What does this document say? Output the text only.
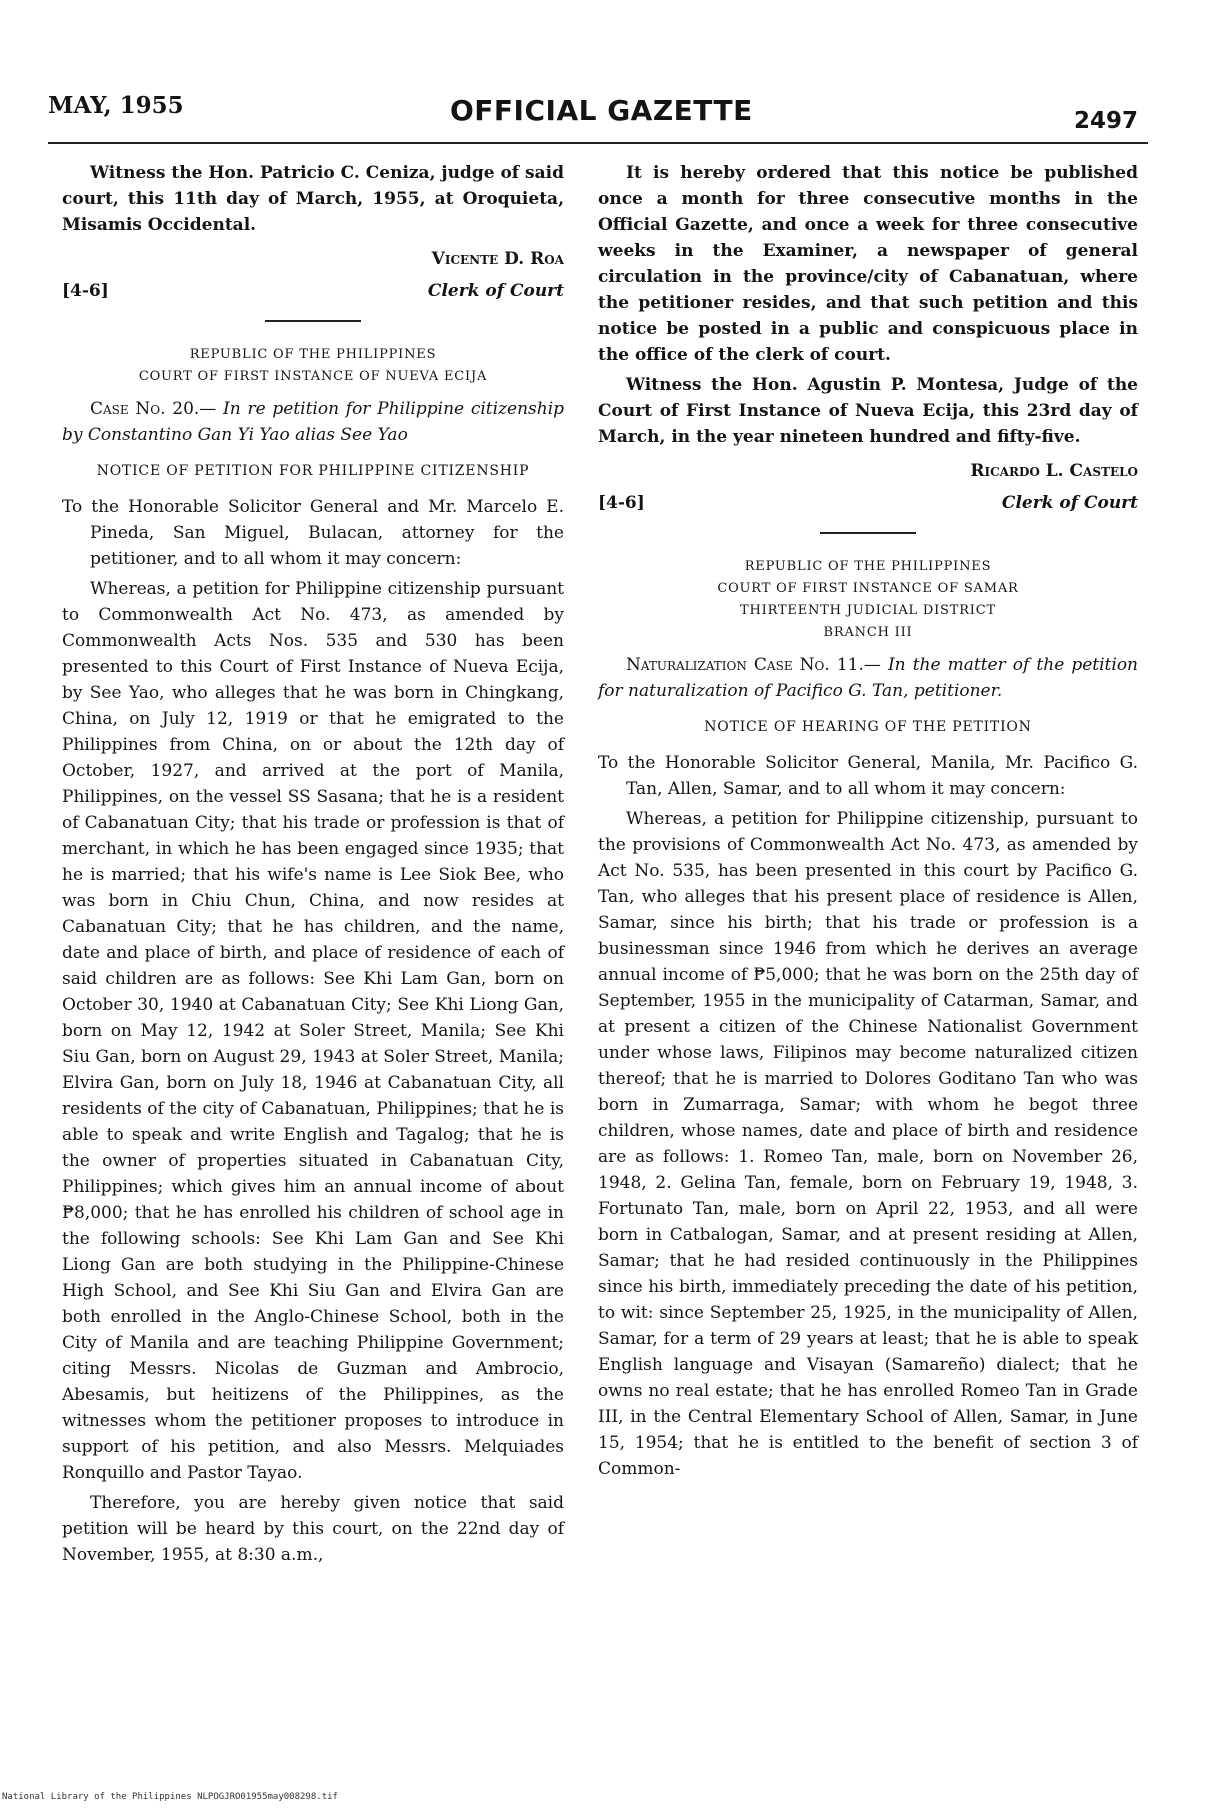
MAY, 1955	OFFICIAL GAZETTE	2497

Witness the Hon. Patricio C. Ceniza, judge of said court, this 11th day of March, 1955, at Oroquieta, Misamis Occidental.

Vicente D. Roa
[4-6]	Clerk of Court
REPUBLIC OF THE PHILIPPINES
COURT OF FIRST INSTANCE OF NUEVA ECIJA

Case No. 20.— In re petition for Philippine citizenship by Constantino Gan Yi Yao alias See Yao

NOTICE OF PETITION FOR PHILIPPINE CITIZENSHIP

To the Honorable Solicitor General and Mr. Marcelo E. Pineda, San Miguel, Bulacan, attorney for the petitioner, and to all whom it may concern:

Whereas, a petition for Philippine citizenship pursuant to Commonwealth Act No. 473, as amended by Commonwealth Acts Nos. 535 and 530 has been presented to this Court of First Instance of Nueva Ecija, by See Yao, who alleges that he was born in Chingkang, China, on July 12, 1919 or that he emigrated to the Philippines from China, on or about the 12th day of October, 1927, and arrived at the port of Manila, Philippines, on the vessel SS Sasana; that he is a resident of Cabanatuan City; that his trade or profession is that of merchant, in which he has been engaged since 1935; that he is married; that his wife's name is Lee Siok Bee, who was born in Chiu Chun, China, and now resides at Cabanatuan City; that he has children, and the name, date and place of birth, and place of residence of each of said children are as follows: See Khi Lam Gan, born on October 30, 1940 at Cabanatuan City; See Khi Liong Gan, born on May 12, 1942 at Soler Street, Manila; See Khi Siu Gan, born on August 29, 1943 at Soler Street, Manila; Elvira Gan, born on July 18, 1946 at Cabanatuan City, all residents of the city of Cabanatuan, Philippines; that he is able to speak and write English and Tagalog; that he is the owner of properties situated in Cabanatuan City, Philippines; which gives him an annual income of about ₱8,000; that he has enrolled his children of school age in the following schools: See Khi Lam Gan and See Khi Liong Gan are both studying in the Philippine-Chinese High School, and See Khi Siu Gan and Elvira Gan are both enrolled in the Anglo-Chinese School, both in the City of Manila and are teaching Philippine Government; citing Messrs. Nicolas de Guzman and Ambrocio, Abesamis, but heitizens of the Philippines, as the witnesses whom the petitioner proposes to introduce in support of his petition, and also Messrs. Melquiades Ronquillo and Pastor Tayao.

Therefore, you are hereby given notice that said petition will be heard by this court, on the 22nd day of November, 1955, at 8:30 a.m.,

It is hereby ordered that this notice be published once a month for three consecutive months in the Official Gazette, and once a week for three consecutive weeks in the Examiner, a newspaper of general circulation in the province/city of Cabanatuan, where the petitioner resides, and that such petition and this notice be posted in a public and conspicuous place in the office of the clerk of court.

Witness the Hon. Agustin P. Montesa, Judge of the Court of First Instance of Nueva Ecija, this 23rd day of March, in the year nineteen hundred and fifty-five.

Ricardo L. Castelo
[4-6]	Clerk of Court
REPUBLIC OF THE PHILIPPINES
COURT OF FIRST INSTANCE OF SAMAR
THIRTEENTH JUDICIAL DISTRICT
BRANCH III

Naturalization Case No. 11.— In the matter of the petition for naturalization of Pacifico G. Tan, petitioner.

NOTICE OF HEARING OF THE PETITION

To the Honorable Solicitor General, Manila, Mr. Pacifico G. Tan, Allen, Samar, and to all whom it may concern:

Whereas, a petition for Philippine citizenship, pursuant to the provisions of Commonwealth Act No. 473, as amended by Act No. 535, has been presented in this court by Pacifico G. Tan, who alleges that his present place of residence is Allen, Samar, since his birth; that his trade or profession is a businessman since 1946 from which he derives an average annual income of ₱5,000; that he was born on the 25th day of September, 1955 in the municipality of Catarman, Samar, and at present a citizen of the Chinese Nationalist Government under whose laws, Filipinos may become naturalized citizen thereof; that he is married to Dolores Goditano Tan who was born in Zumarraga, Samar; with whom he begot three children, whose names, date and place of birth and residence are as follows: 1. Romeo Tan, male, born on November 26, 1948, 2. Gelina Tan, female, born on February 19, 1948, 3. Fortunato Tan, male, born on April 22, 1953, and all were born in Catbalogan, Samar, and at present residing at Allen, Samar; that he had resided continuously in the Philippines since his birth, immediately preceding the date of his petition, to wit: since September 25, 1925, in the municipality of Allen, Samar, for a term of 29 years at least; that he is able to speak English language and Visayan (Samareño) dialect; that he owns no real estate; that he has enrolled Romeo Tan in Grade III, in the Central Elementary School of Allen, Samar, in June 15, 1954; that he is entitled to the benefit of section 3 of Common-

National Library of the Philippines NLPOGJRO01955may008298.tif
